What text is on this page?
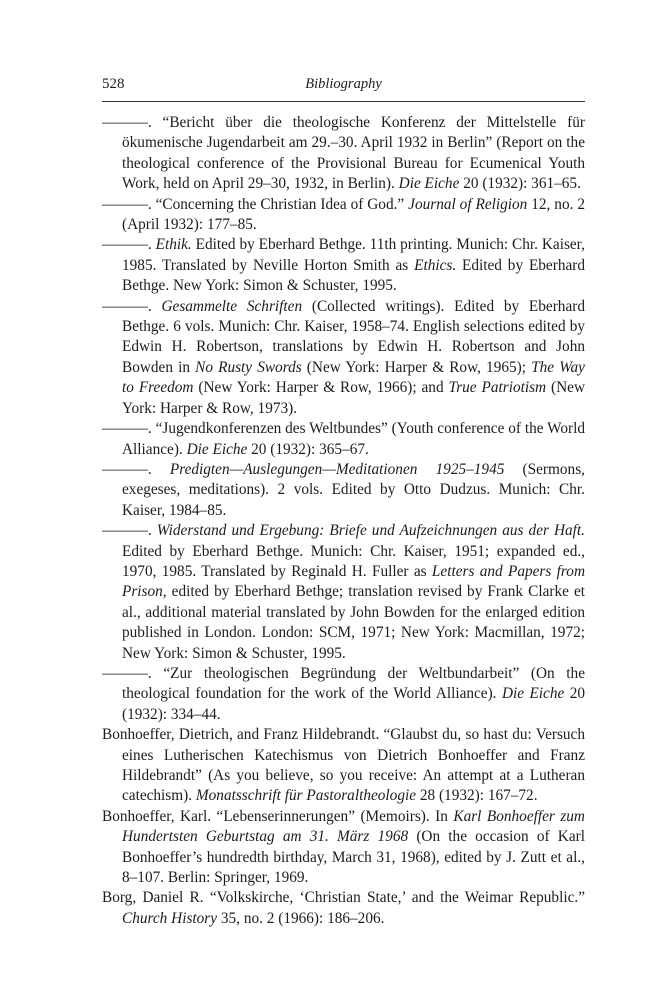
528	Bibliography

———. “Bericht über die theologische Konferenz der Mittelstelle für ökumenische Jugendarbeit am 29.–30. April 1932 in Berlin” (Report on the theological conference of the Provisional Bureau for Ecumenical Youth Work, held on April 29–30, 1932, in Berlin). Die Eiche 20 (1932): 361–65.

———. “Concerning the Christian Idea of God.” Journal of Religion 12, no. 2 (April 1932): 177–85.

———. Ethik. Edited by Eberhard Bethge. 11th printing. Munich: Chr. Kaiser, 1985. Translated by Neville Horton Smith as Ethics. Edited by Eberhard Bethge. New York: Simon & Schuster, 1995.

———. Gesammelte Schriften (Collected writings). Edited by Eberhard Bethge. 6 vols. Munich: Chr. Kaiser, 1958–74. English selections edited by Edwin H. Robertson, translations by Edwin H. Robertson and John Bowden in No Rusty Swords (New York: Harper & Row, 1965); The Way to Freedom (New York: Harper & Row, 1966); and True Patriotism (New York: Harper & Row, 1973).

———. “Jugendkonferenzen des Weltbundes” (Youth conference of the World Alliance). Die Eiche 20 (1932): 365–67.

———. Predigten—Auslegungen—Meditationen 1925–1945 (Sermons, exegeses, meditations). 2 vols. Edited by Otto Dudzus. Munich: Chr. Kaiser, 1984–85.

———. Widerstand und Ergebung: Briefe und Aufzeichnungen aus der Haft. Edited by Eberhard Bethge. Munich: Chr. Kaiser, 1951; expanded ed., 1970, 1985. Translated by Reginald H. Fuller as Letters and Papers from Prison, edited by Eberhard Bethge; translation revised by Frank Clarke et al., additional material translated by John Bowden for the enlarged edition published in London. London: SCM, 1971; New York: Macmillan, 1972; New York: Simon & Schuster, 1995.

———. “Zur theologischen Begründung der Weltbundarbeit” (On the theological foundation for the work of the World Alliance). Die Eiche 20 (1932): 334–44.

Bonhoeffer, Dietrich, and Franz Hildebrandt. “Glaubst du, so hast du: Versuch eines Lutherischen Katechismus von Dietrich Bonhoeffer and Franz Hildebrandt” (As you believe, so you receive: An attempt at a Lutheran catechism). Monatsschrift für Pastoraltheologie 28 (1932): 167–72.

Bonhoeffer, Karl. “Lebenserinnerungen” (Memoirs). In Karl Bonhoeffer zum Hundertsten Geburtstag am 31. März 1968 (On the occasion of Karl Bonhoeffer’s hundredth birthday, March 31, 1968), edited by J. Zutt et al., 8–107. Berlin: Springer, 1969.

Borg, Daniel R. “Volkskirche, ‘Christian State,’ and the Weimar Republic.” Church History 35, no. 2 (1966): 186–206.
